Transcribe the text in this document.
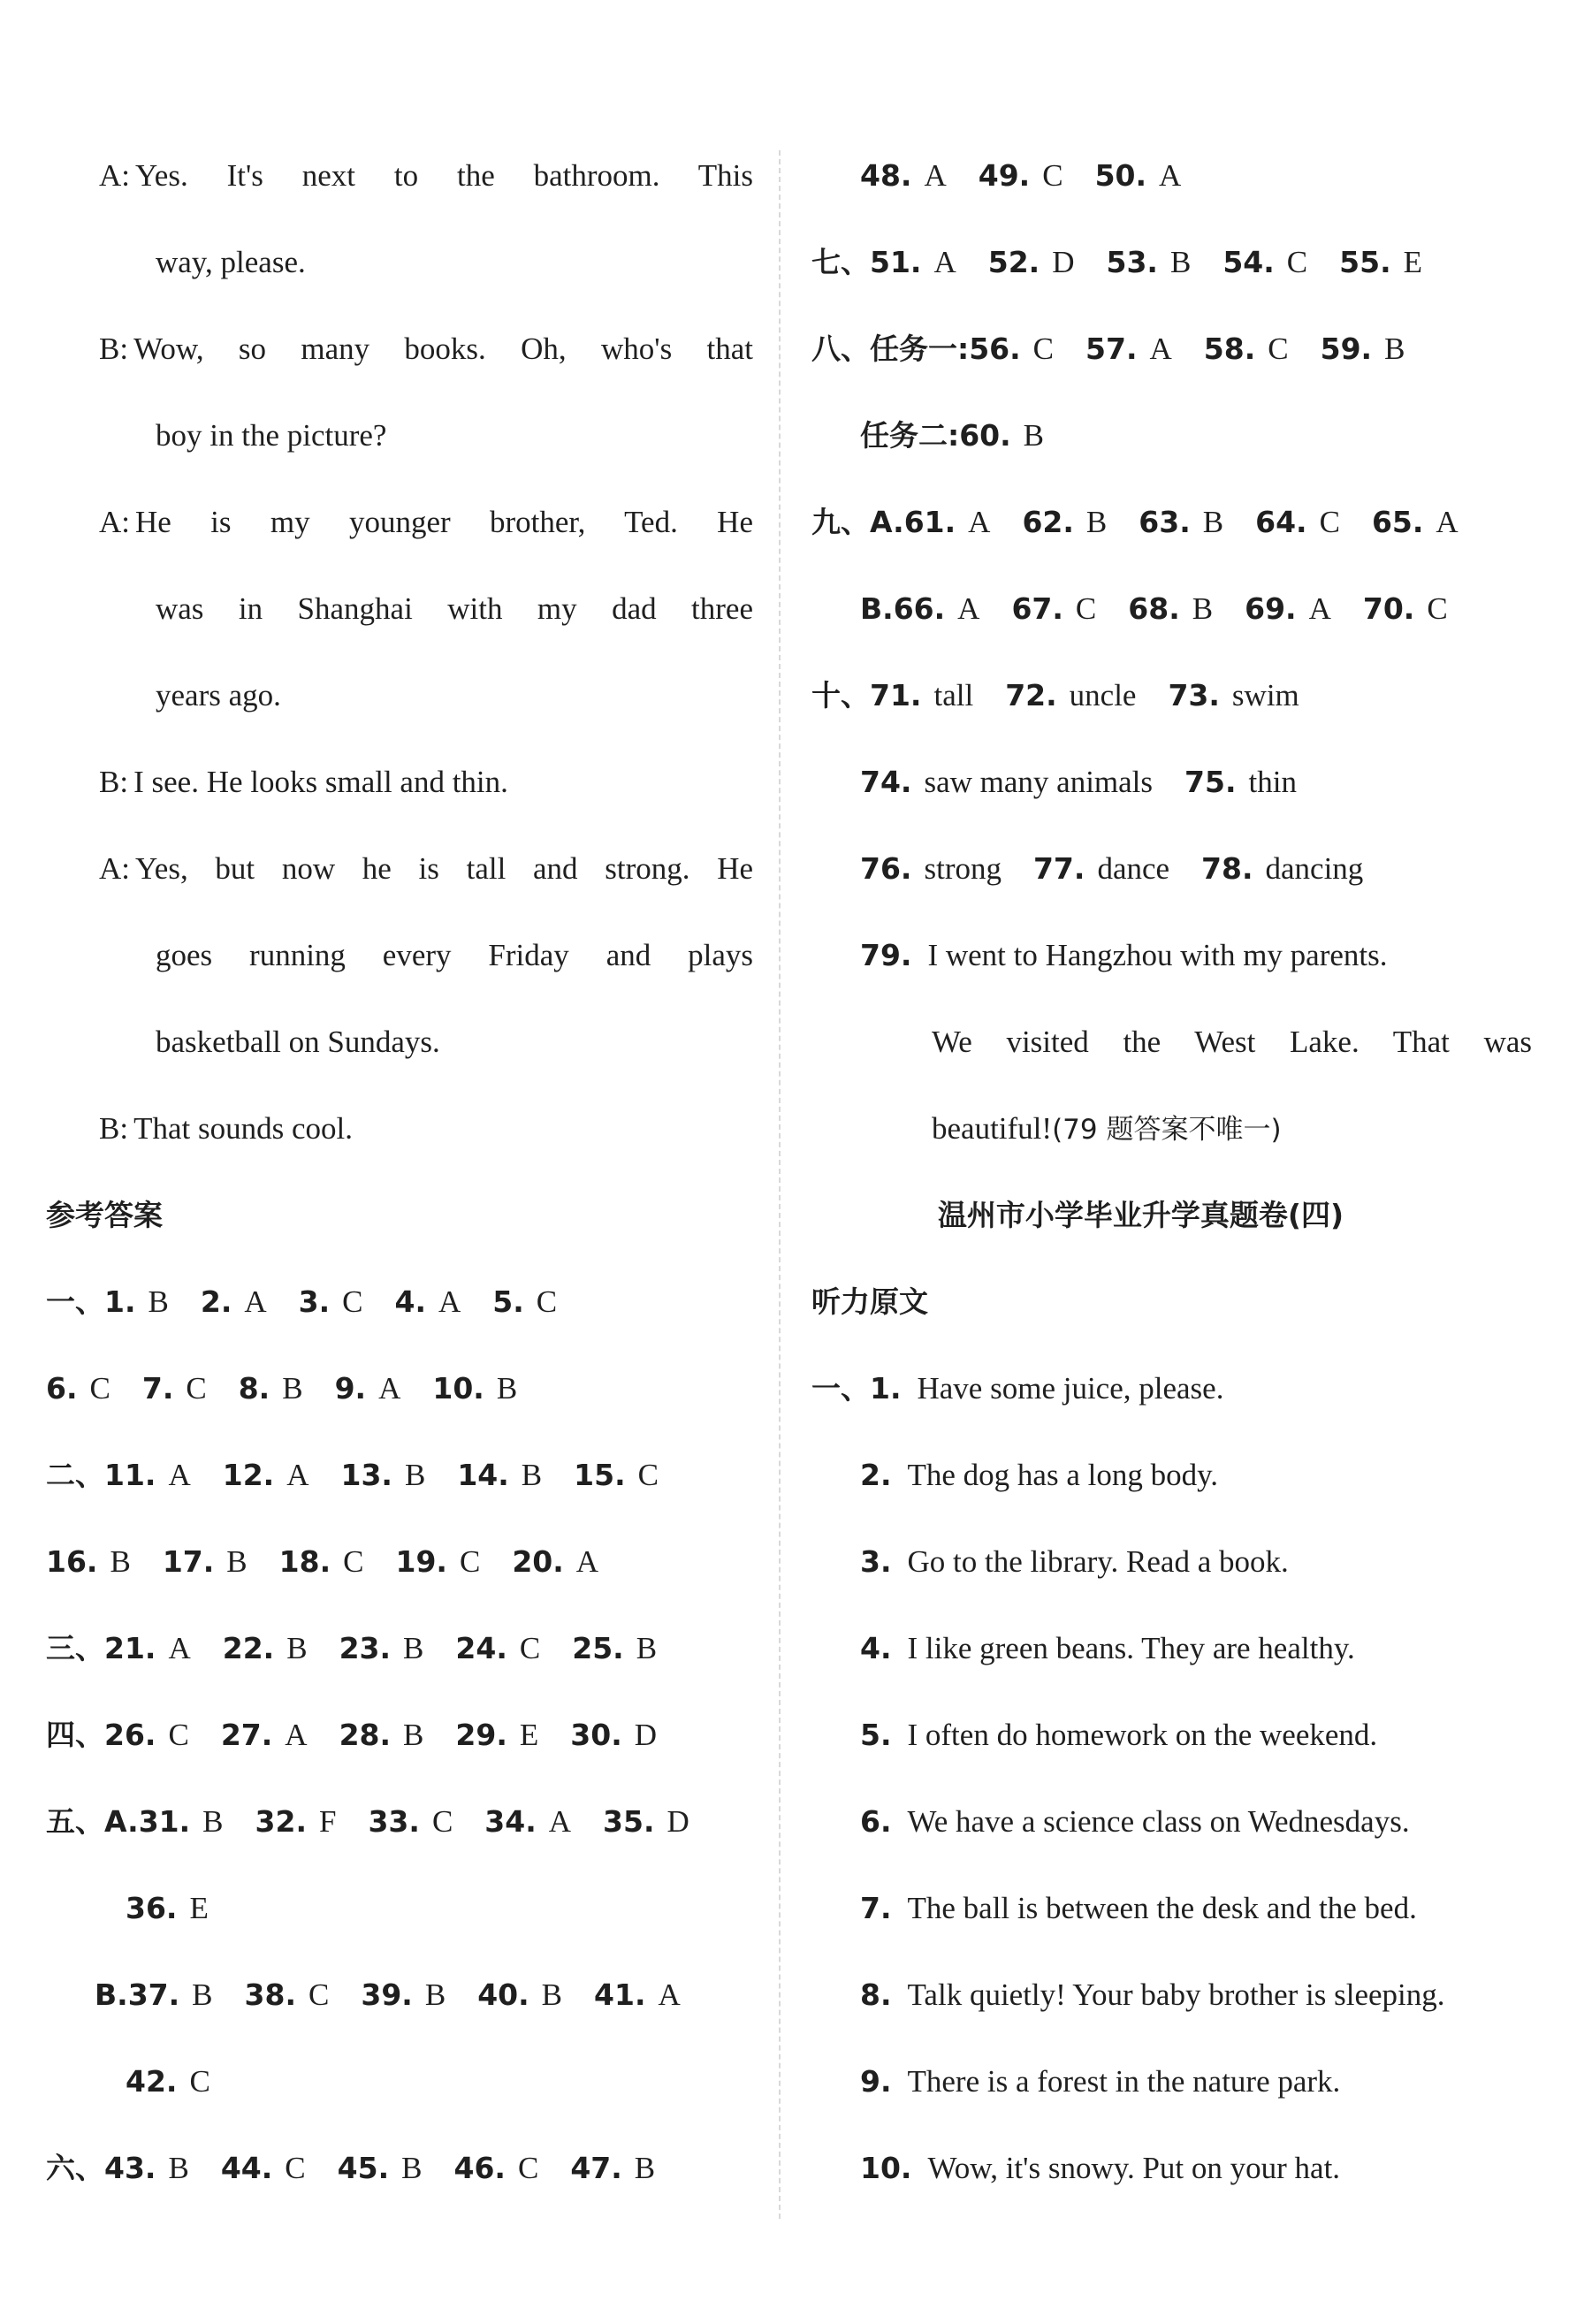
A: Yes. It's next to the bathroom. This
way, please.
B: Wow, so many books. Oh, who's that
boy in the picture?
A: He is my younger brother, Ted. He
was in Shanghai with my dad three
years ago.
B: I see. He looks small and thin.
A: Yes, but now he is tall and strong. He
goes running every Friday and plays
basketball on Sundays.
B: That sounds cool.
参考答案
一、1. B 2. A 3. C 4. A 5. C
6. C 7. C 8. B 9. A 10. B
二、11. A 12. A 13. B 14. B 15. C
16. B 17. B 18. C 19. C 20. A
三、21. A 22. B 23. B 24. C 25. B
四、26. C 27. A 28. B 29. E 30. D
五、A.31. B 32. F 33. C 34. A 35. D
36. E
B.37. B 38. C 39. B 40. B 41. A
42. C
六、43. B 44. C 45. B 46. C 47. B
48. A 49. C 50. A
七、51. A 52. D 53. B 54. C 55. E
八、任务一:56. C 57. A 58. C 59. B
任务二:60. B
九、A.61. A 62. B 63. B 64. C 65. A
B.66. A 67. C 68. B 69. A 70. C
十、71. tall 72. uncle 73. swim
74. saw many animals 75. thin
76. strong 77. dance 78. dancing
79. I went to Hangzhou with my parents.
We visited the West Lake. That was
beautiful!(79 题答案不唯一)
温州市小学毕业升学真题卷(四)
听力原文
一、1. Have some juice, please.
2. The dog has a long body.
3. Go to the library. Read a book.
4. I like green beans. They are healthy.
5. I often do homework on the weekend.
6. We have a science class on Wednesdays.
7. The ball is between the desk and the bed.
8. Talk quietly! Your baby brother is sleeping.
9. There is a forest in the nature park.
10. Wow, it's snowy. Put on your hat.
